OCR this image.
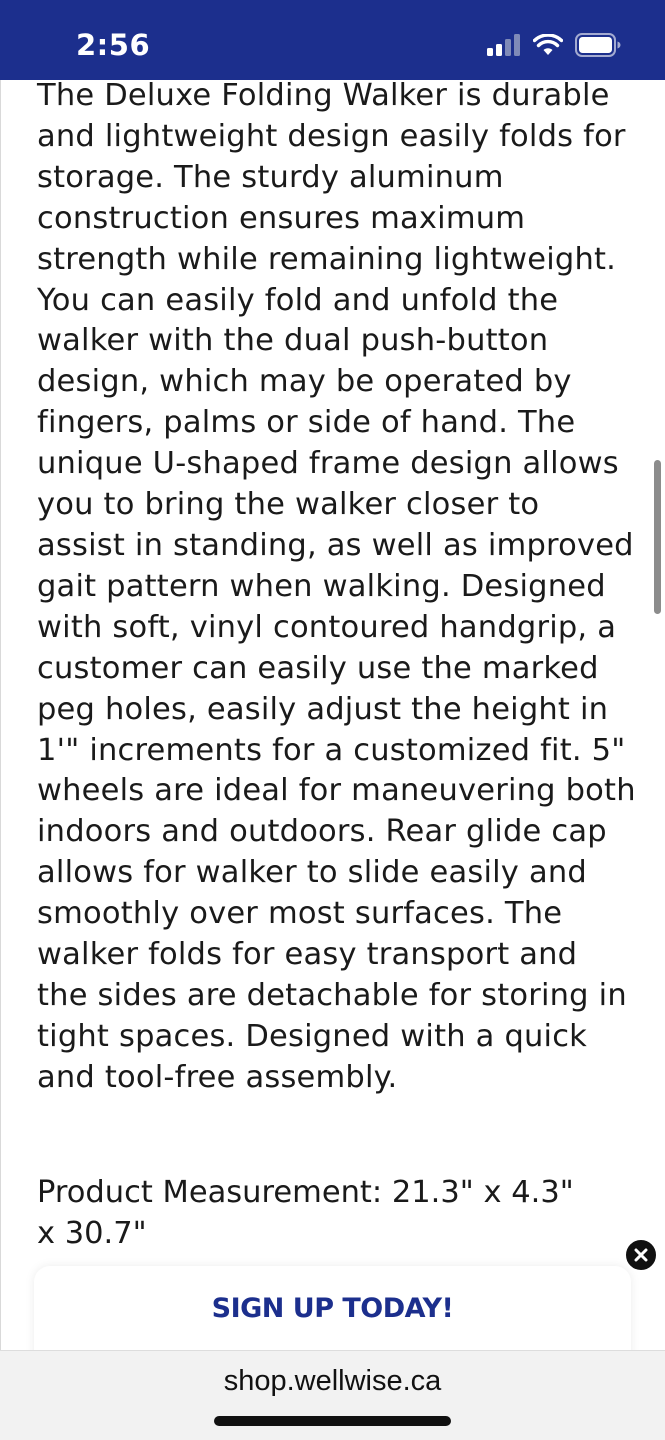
2:56

The Deluxe Folding Walker is durable and lightweight design easily folds for storage. The sturdy aluminum construction ensures maximum strength while remaining lightweight. You can easily fold and unfold the walker with the dual push-button design, which may be operated by fingers, palms or side of hand. The unique U-shaped frame design allows you to bring the walker closer to assist in standing, as well as improved gait pattern when walking. Designed with soft, vinyl contoured handgrip, a customer can easily use the marked peg holes, easily adjust the height in 1'" increments for a customized fit. 5" wheels are ideal for maneuvering both indoors and outdoors. Rear glide cap allows for walker to slide easily and smoothly over most surfaces. The walker folds for easy transport and the sides are detachable for storing in tight spaces. Designed with a quick and tool-free assembly.

Product Measurement: 21.3" x 4.3" x 30.7"

SIGN UP TODAY!
shop.wellwise.ca
